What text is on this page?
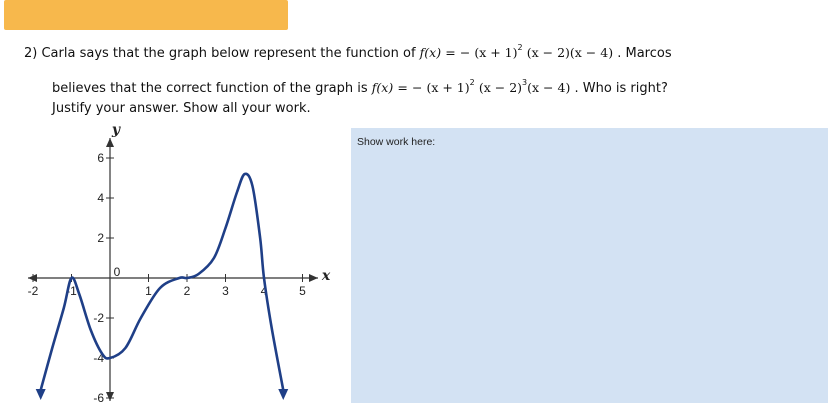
2) Carla says that the graph below represent the function of f(x) = − $(x + 1)^2$ (x − 2)(x − 4) . Marcos
believes that the correct function of the graph is f(x) = − $(x + 1)^2$ $(x - 2)^3(x - 4)$ . Who is right?
Justify your answer. Show all your work.
-2 -1
0
1	2	3	4	5
6
4
2
-2
-4
-6
y
x
Show work here:
